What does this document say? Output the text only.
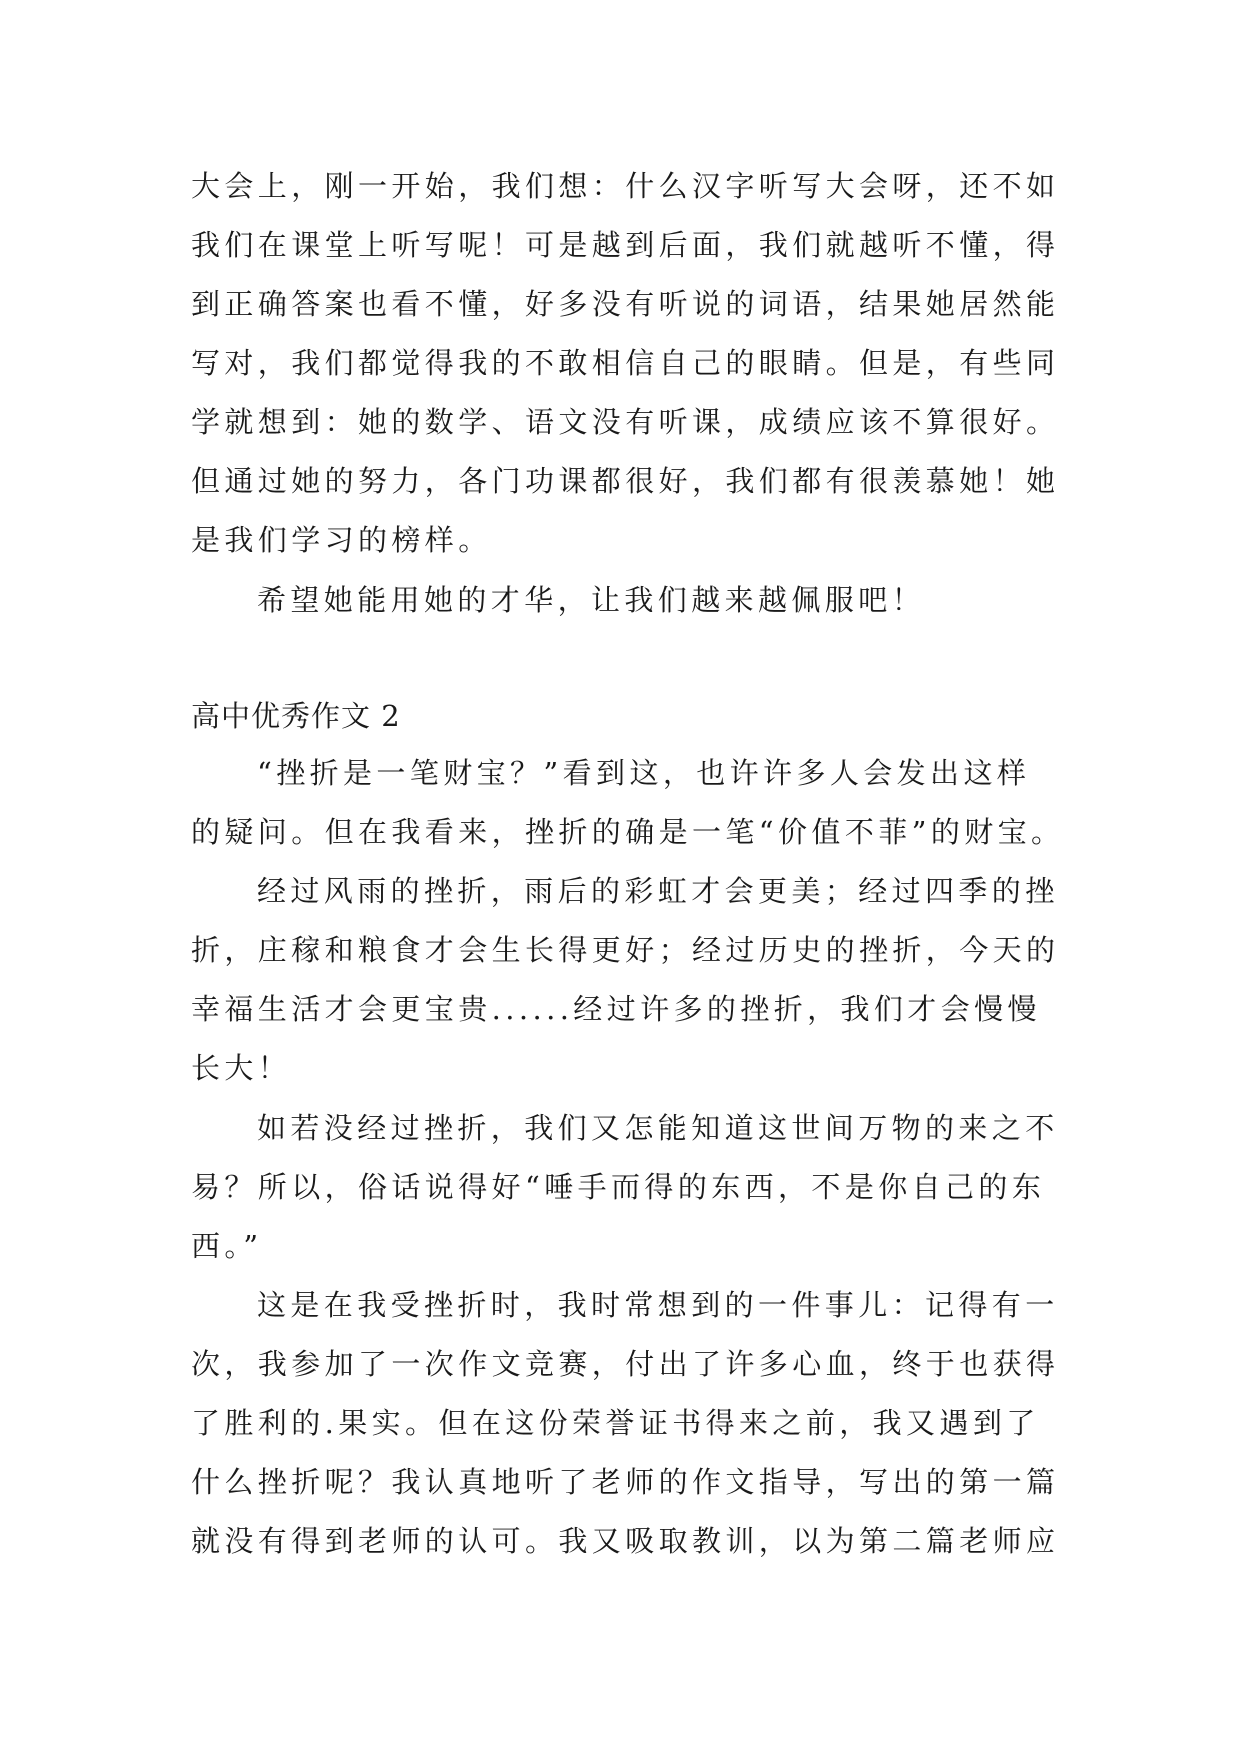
大会上，刚一开始，我们想：什么汉字听写大会呀，还不如

我们在课堂上听写呢！可是越到后面，我们就越听不懂，得

到正确答案也看不懂，好多没有听说的词语，结果她居然能

写对，我们都觉得我的不敢相信自己的眼睛。但是，有些同

学就想到：她的数学、语文没有听课，成绩应该不算很好。

但通过她的努力，各门功课都很好，我们都有很羡慕她！她

是我们学习的榜样。

希望她能用她的才华，让我们越来越佩服吧！

高中优秀作文 2

“挫折是一笔财宝？”看到这，也许许多人会发出这样

的疑问。但在我看来，挫折的确是一笔“价值不菲”的财宝。

经过风雨的挫折，雨后的彩虹才会更美；经过四季的挫

折，庄稼和粮食才会生长得更好；经过历史的挫折，今天的

幸福生活才会更宝贵......经过许多的挫折，我们才会慢慢

长大！

如若没经过挫折，我们又怎能知道这世间万物的来之不

易？所以，俗话说得好“唾手而得的东西，不是你自己的东

西。”

这是在我受挫折时，我时常想到的一件事儿：记得有一

次，我参加了一次作文竞赛，付出了许多心血，终于也获得

了胜利的.果实。但在这份荣誉证书得来之前，我又遇到了

什么挫折呢？我认真地听了老师的作文指导，写出的第一篇

就没有得到老师的认可。我又吸取教训，以为第二篇老师应
